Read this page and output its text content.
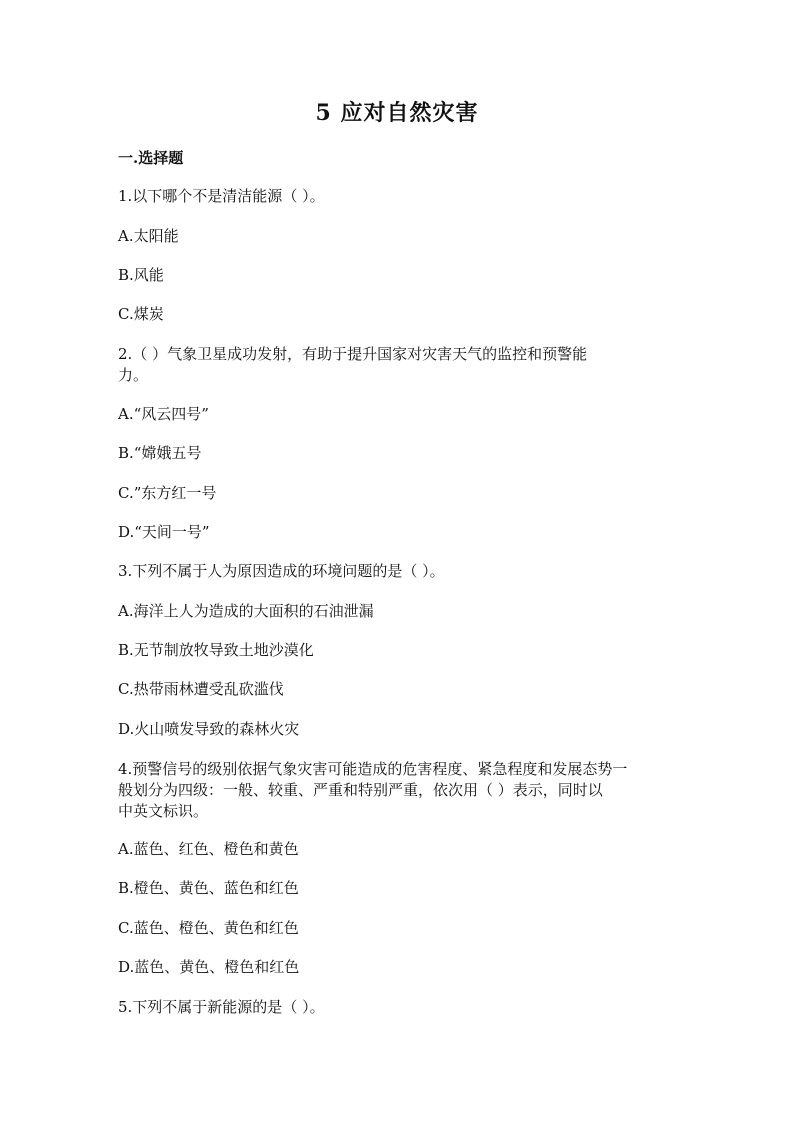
5 应对自然灾害
一.选择题
1.以下哪个不是清洁能源（ ）。
A.太阳能
B.风能
C.煤炭
2.（ ）气象卫星成功发射，有助于提升国家对灾害天气的监控和预警能
力。
A.“风云四号”
B.“嫦娥五号
C.”东方红一号
D.“天间一号”
3.下列不属于人为原因造成的环境问题的是（ ）。
A.海洋上人为造成的大面积的石油泄漏
B.无节制放牧导致土地沙漠化
C.热带雨林遭受乱砍滥伐
D.火山喷发导致的森林火灾
4.预警信号的级别依据气象灾害可能造成的危害程度、紧急程度和发展态势一
般划分为四级：一般、较重、严重和特别严重，依次用（ ）表示，同时以
中英文标识。
A.蓝色、红色、橙色和黄色
B.橙色、黄色、蓝色和红色
C.蓝色、橙色、黄色和红色
D.蓝色、黄色、橙色和红色
5.下列不属于新能源的是（ ）。
